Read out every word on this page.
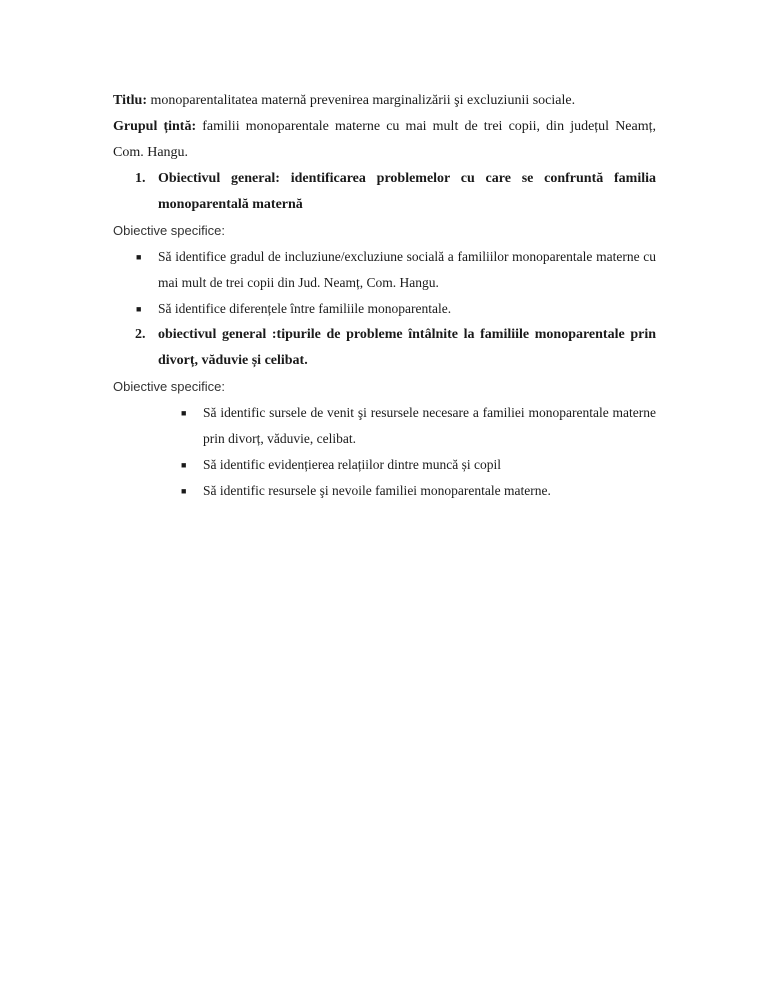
Titlu: monoparentalitatea maternă prevenirea marginalizării şi excluziunii sociale.

Grupul țintă: familii monoparentale materne cu mai mult de trei copii, din județul Neamț, Com. Hangu.

1. Obiectivul general: identificarea problemelor cu care se confruntă familia monoparentală maternă

Obiective specifice:

■ Să identifice gradul de incluziune/excluziune socială a familiilor monoparentale materne cu mai mult de trei copii din Jud. Neamț, Com. Hangu.
■ Să identifice diferențele între familiile monoparentale.
2. obiectivul general :tipurile de probleme întâlnite la familiile monoparentale prin divorț, văduvie și celibat.

Obiective specifice:

■ Să identific sursele de venit şi resursele necesare a familiei monoparentale materne prin divorț, văduvie, celibat.
■ Să identific evidențierea relațiilor dintre muncă și copil
■ Să identific resursele şi nevoile familiei monoparentale materne.
